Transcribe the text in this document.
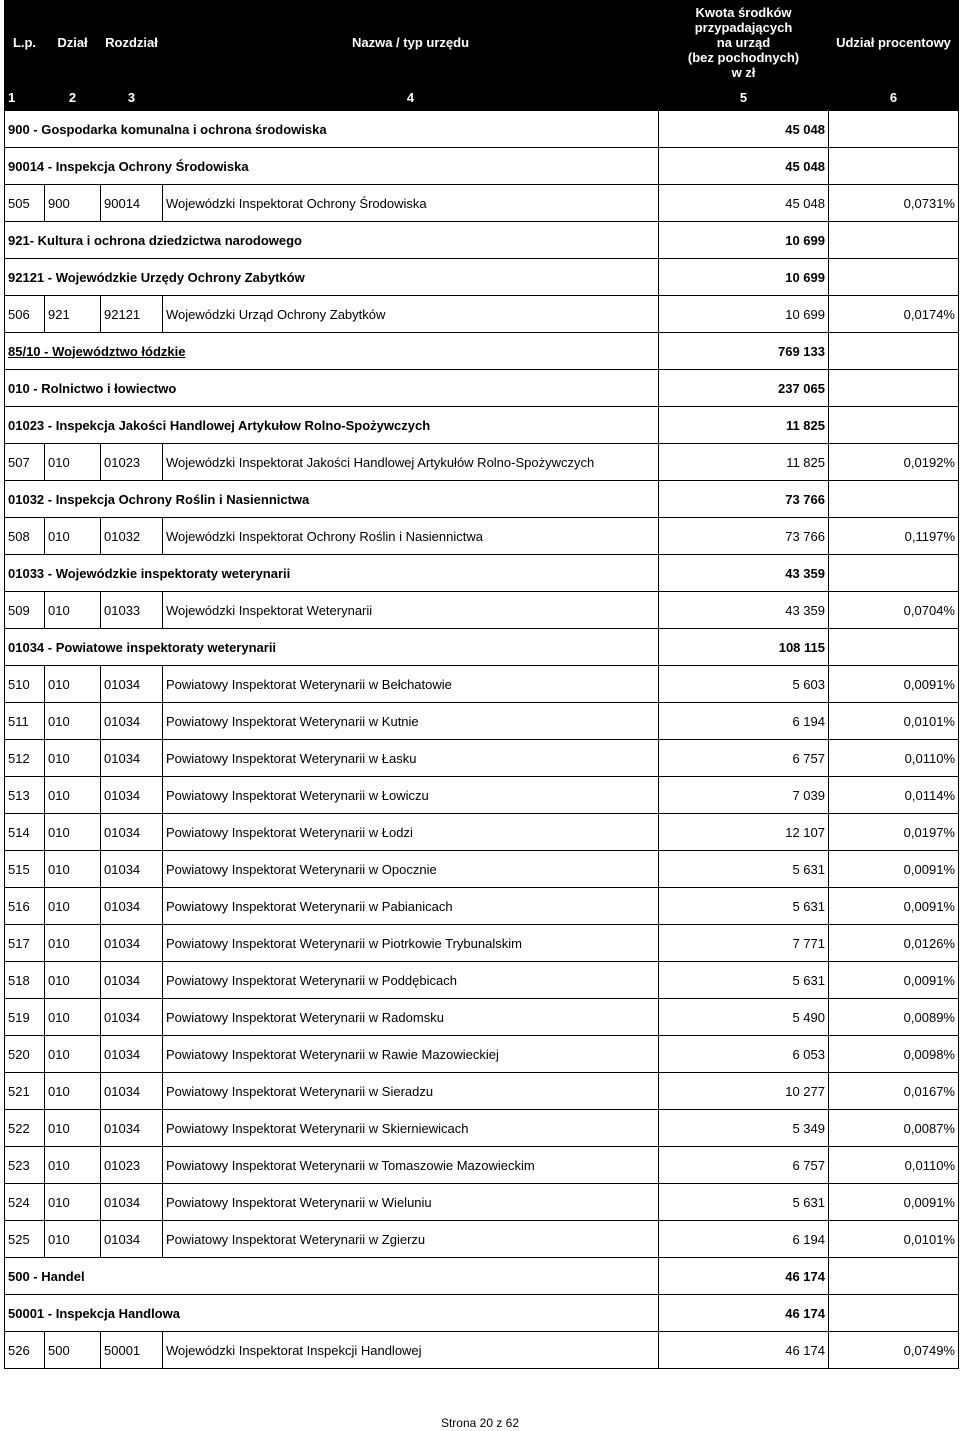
L.p.	Dział	Rozdział	Nazwa / typ urzędu	Kwota środków
przypadających
na urząd
(bez pochodnych)
w zł	Udział procentowy
1	2	3	4	5	6
900 - Gospodarka komunalna i ochrona środowiska				45 048	
90014 - Inspekcja Ochrony Środowiska				45 048	
505	900	90014	Wojewódzki Inspektorat Ochrony Środowiska	45 048	0,0731%
921- Kultura i ochrona dziedzictwa narodowego				10 699	
92121 - Wojewódzkie Urzędy Ochrony Zabytków				10 699	
506	921	92121	Wojewódzki Urząd Ochrony Zabytków	10 699	0,0174%
85/10 - Województwo łódzkie				769 133	
010 - Rolnictwo i łowiectwo				237 065	
01023 - Inspekcja Jakości Handlowej Artykułow Rolno-Spożywczych				11 825	
507	010	01023	Wojewódzki Inspektorat Jakości Handlowej Artykułów Rolno-Spożywczych	11 825	0,0192%
01032 - Inspekcja Ochrony Roślin i Nasiennictwa				73 766	
508	010	01032	Wojewódzki Inspektorat Ochrony Roślin i Nasiennictwa	73 766	0,1197%
01033 - Wojewódzkie inspektoraty weterynarii				43 359	
509	010	01033	Wojewódzki Inspektorat Weterynarii	43 359	0,0704%
01034 - Powiatowe inspektoraty weterynarii				108 115	
510	010	01034	Powiatowy Inspektorat Weterynarii w Bełchatowie	5 603	0,0091%
511	010	01034	Powiatowy Inspektorat Weterynarii w Kutnie	6 194	0,0101%
512	010	01034	Powiatowy Inspektorat Weterynarii w Łasku	6 757	0,0110%
513	010	01034	Powiatowy Inspektorat Weterynarii w Łowiczu	7 039	0,0114%
514	010	01034	Powiatowy Inspektorat Weterynarii w Łodzi	12 107	0,0197%
515	010	01034	Powiatowy Inspektorat Weterynarii w Opocznie	5 631	0,0091%
516	010	01034	Powiatowy Inspektorat Weterynarii w Pabianicach	5 631	0,0091%
517	010	01034	Powiatowy Inspektorat Weterynarii w Piotrkowie Trybunalskim	7 771	0,0126%
518	010	01034	Powiatowy Inspektorat Weterynarii w Poddębicach	5 631	0,0091%
519	010	01034	Powiatowy Inspektorat Weterynarii w Radomsku	5 490	0,0089%
520	010	01034	Powiatowy Inspektorat Weterynarii w Rawie Mazowieckiej	6 053	0,0098%
521	010	01034	Powiatowy Inspektorat Weterynarii w Sieradzu	10 277	0,0167%
522	010	01034	Powiatowy Inspektorat Weterynarii w Skierniewicach	5 349	0,0087%
523	010	01023	Powiatowy Inspektorat Weterynarii w Tomaszowie Mazowieckim	6 757	0,0110%
524	010	01034	Powiatowy Inspektorat Weterynarii w Wieluniu	5 631	0,0091%
525	010	01034	Powiatowy Inspektorat Weterynarii w Zgierzu	6 194	0,0101%
500 - Handel				46 174	
50001 - Inspekcja Handlowa				46 174	
526	500	50001	Wojewódzki Inspektorat Inspekcji Handlowej	46 174	0,0749%
Strona 20 z 62
